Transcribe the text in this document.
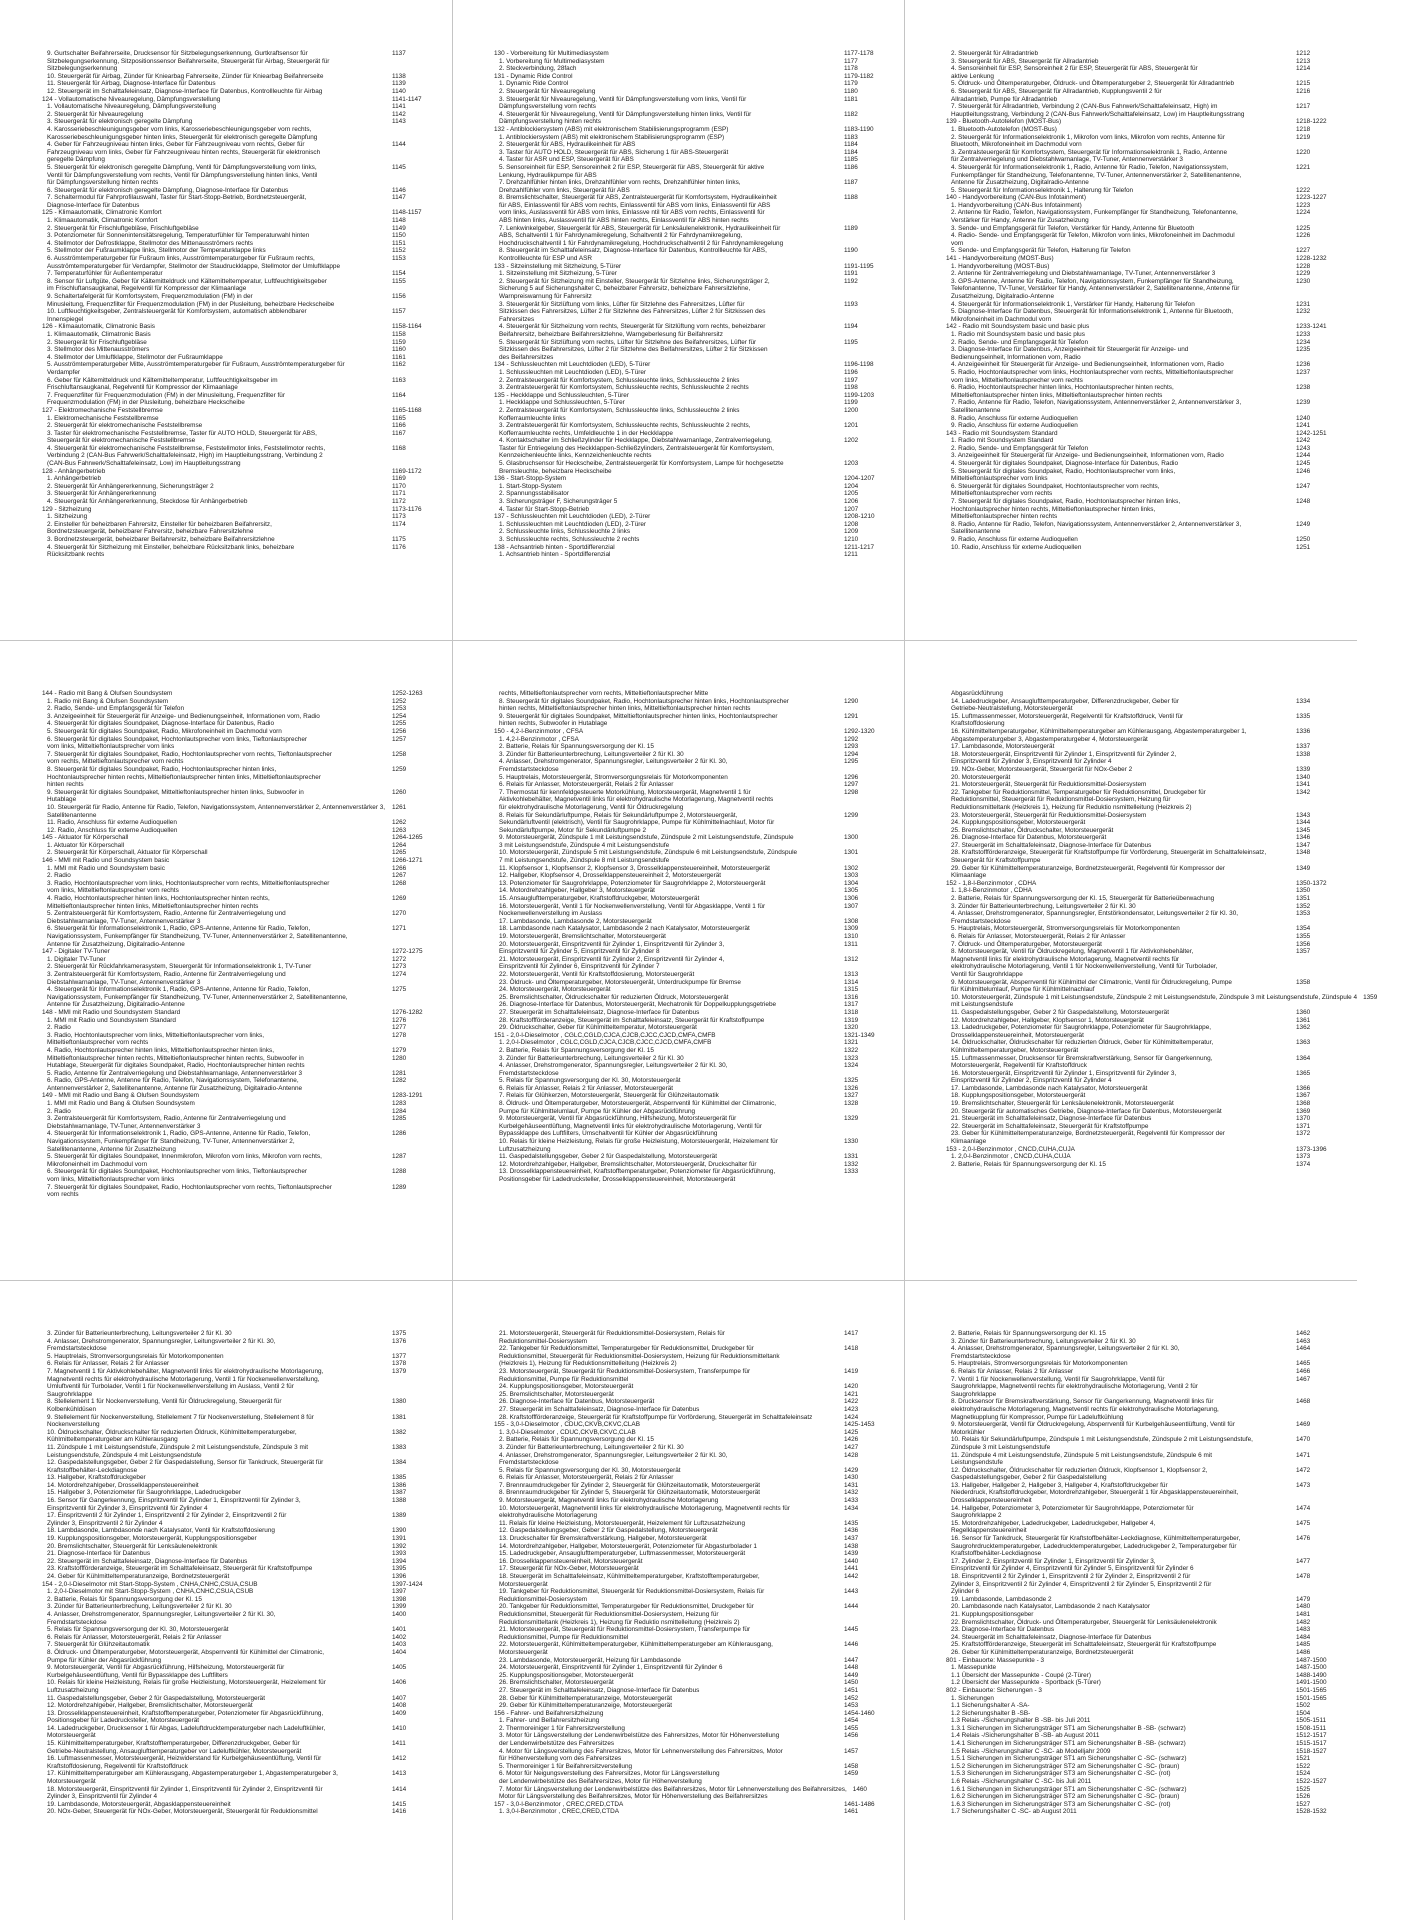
9. Gurtschalter Beifahrerseite, Drucksensor für Sitzbelegungserkennung, Gurtkraftsensor für	1137
Sitzbelegungserkennung, Sitzpositionssensor Beifahrerseite, Steuergerät für Airbag, Steuergerät für
Sitzbelegungserkennung
10. Steuergerät für Airbag, Zünder für Kniearbag Fahrerseite, Zünder für Kniearbag Beifahrerseite	1138
11. Steuergerät für Airbag, Diagnose-Interface für Datenbus	1139
12. Steuergerät im Schalttafeleinsatz, Diagnose-Interface für Datenbus, Kontrollleuchte für Airbag	1140
124 - Vollautomatische Niveauregelung, Dämpfungsverstellung	1141-1147
1. Vollautomatische Niveauregelung, Dämpfungsverstellung	1141
2. Steuergerät für Niveauregelung	1142
3. Steuergerät für elektronisch geregelte Dämpfung	1143
4. Karosseriebeschleunigungsgeber vorn links, Karosseriebeschleunigungsgeber vorn rechts,
Karosseriebeschleunigungsgeber hinten links, Steuergerät für elektronisch geregelte Dämpfung
4. Geber für Fahrzeugniveau hinten links, Geber für Fahrzeugniveau vorn rechts, Geber für	1144
Fahrzeugniveau vorn links, Geber für Fahrzeugniveau hinten rechts, Steuergerät für elektronisch
geregelte Dämpfung
5. Steuergerät für elektronisch geregelte Dämpfung, Ventil für Dämpfungsverstellung vorn links,	1145
Ventil für Dämpfungsverstellung vorn rechts, Ventil für Dämpfungsverstellung hinten links, Ventil
für Dämpfungsverstellung hinten rechts
6. Steuergerät für elektronisch geregelte Dämpfung, Diagnose-Interface für Datenbus	1146
7. Schaltermodul für Fahrprofilauswahl, Taster für Start-Stopp-Betrieb, Bordnetzsteuergerät,	1147
Diagnose-Interface für Datenbus
125 - Klimaautomatik, Climatronic Komfort	1148-1157
1. Klimaautomatik, Climatronic Komfort	1148
2. Steuergerät für Frischluftgebläse, Frischluftgebläse	1149
3. Potenziometer für Sonnenintensitätsregelung, Temperaturfühler für Temperaturwahl hinten	1150
4. Stellmotor der Defrostklappe, Stellmotor des Mittenausströmers rechts	1151
5. Stellmotor der Fußraumklappe links, Stellmotor der Temperaturklappe links	1152
6. Ausströmtemperaturgeber für Fußraum links, Ausströmtemperaturgeber für Fußraum rechts,	1153
Ausströmtemperaturgeber für Verdampfer, Stellmotor der Staudruckklappe, Stellmotor der Umluftklappe
7. Temperaturfühler für Außentemperatur	1154
8. Sensor für Luftgüte, Geber für Kältemitteldruck und Kältemitteltemperatur, Luftfeuchtigkeitsgeber	1155
im Frischluftansaugkanal, Regelventil für Kompressor der Klimaanlage
9. Schaltertafelgerät für Komfortsystem, Frequenzmodulation (FM) in der	1156
Minusleitung, Frequenzfilter für Frequenzmodulation (FM) in der Plusleitung, beheizbare Heckscheibe
10. Luftfeuchtigkeitsgeber, Zentralsteuergerät für Komfortsystem, automatisch abblendbarer	1157
Innenspiegel
126 - Klimaautomatik, Climatronic Basis	1158-1164
1. Klimaautomatik, Climatronic Basis	1158
2. Steuergerät für Frischluftgebläse	1159
3. Stellmotor des Mittenausströmers	1160
4. Stellmotor der Umluftklappe, Stellmotor der Fußraumklappe	1161
5. Ausströmtemperaturgeber Mitte, Ausströmtemperaturgeber für Fußraum, Ausströmtemperaturgeber für	1162
Verdampfer
6. Geber für Kältemitteldruck und Kältemitteltemperatur, Luftfeuchtigkeitsgeber im	1163
Frischluftansaugkanal, Regelventil für Kompressor der Klimaanlage
7. Frequenzfilter für Frequenzmodulation (FM) in der Minusleitung, Frequenzfilter für	1164
Frequenzmodulation (FM) in der Plusleitung, beheizbare Heckscheibe
127 - Elektromechanische Feststellbremse	1165-1168
1. Elektromechanische Feststellbremse	1165
2. Steuergerät für elektromechanische Feststellbremse	1166
3. Taster für elektromechanische Feststellbremse, Taster für AUTO HOLD, Steuergerät für ABS,	1167
Steuergerät für elektromechanische Feststellbremse
4. Steuergerät für elektromechanische Feststellbremse, Feststellmotor links, Feststellmotor rechts,	1168
Verbindung 2 (CAN-Bus Fahrwerk/Schalttafeleinsatz, High) im Hauptleitungsstrang, Verbindung 2
(CAN-Bus Fahrwerk/Schalttafeleinsatz, Low) im Hauptleitungsstrang
128 - Anhängerbetrieb	1169-1172
1. Anhängerbetrieb	1169
2. Steuergerät für Anhängererkennung, Sicherungsträger 2	1170
3. Steuergerät für Anhängererkennung	1171
4. Steuergerät für Anhängererkennung, Steckdose für Anhängerbetrieb	1172
129 - Sitzheizung	1173-1176
1. Sitzheizung	1173
2. Einsteller für beheizbaren Fahrersitz, Einsteller für beheizbaren Beifahrersitz,	1174
Bordnetzsteuergerät, beheizbarer Fahrersitz, beheizbare Fahrersitzlehne
3. Bordnetzsteuergerät, beheizbarer Beifahrersitz, beheizbare Beifahrersitzlehne	1175
4. Steuergerät für Sitzheizung mit Einsteller, beheizbare Rücksitzbank links, beheizbare	1176
Rücksitzbank rechts
130 - Vorbereitung für Multimediasystem	1177-1178
1. Vorbereitung für Multimediasystem	1177
2. Steckverbindung, 28fach	1178
131 - Dynamic Ride Control	1179-1182
1. Dynamic Ride Control	1179
2. Steuergerät für Niveauregelung	1180
3. Steuergerät für Niveauregelung, Ventil für Dämpfungsverstellung vorn links, Ventil für	1181
Dämpfungsverstellung vorn rechts
4. Steuergerät für Niveauregelung, Ventil für Dämpfungsverstellung hinten links, Ventil für	1182
Dämpfungsverstellung hinten rechts
132 - Antiblockiersystem (ABS) mit elektronischem Stabilisierungsprogramm (ESP)	1183-1190
1. Antiblockiersystem (ABS) mit elektronischem Stabilisierungsprogramm (ESP)	1183
2. Steuergerät für ABS, Hydraulikeinheit für ABS	1184
3. Taster für AUTO HOLD, Steuergerät für ABS, Sicherung 1 für ABS-Steuergerät	1184
4. Taster für ASR und ESP, Steuergerät für ABS	1185
5. Sensoreinheit für ESP, Sensoreinheit 2 für ESP, Steuergerät für ABS, Steuergerät für aktive	1186
Lenkung, Hydraulikpumpe für ABS
7. Drehzahlfühler hinten links, Drehzahlfühler vorn rechts, Drehzahlfühler hinten links,	1187
Drehzahlfühler vorn links, Steuergerät für ABS
8. Bremslichtschalter, Steuergerät für ABS, Zentralsteuergerät für Komfortsystem, Hydraulikeinheit	1188
für ABS, Einlassventil für ABS vorn rechts, Einlassventil für ABS vorn links, Einlassventil für ABS
vorn links, Auslassventil für ABS vorn links, Einlassve ntil für ABS vorn rechts, Einlassventil für
ABS hinten links, Auslassventil für ABS hinten rechts, Einlassventil für ABS hinten rechts
7. Lenkwinkelgeber, Steuergerät für ABS, Steuergerät für Lenksäulenelektronik, Hydraulikeinheit für	1189
ABS, Schaltventil 1 für Fahrdynamikregelung, Schaltventil 2 für Fahrdynamikregelung,
Hochdruckschaltventil 1 für Fahrdynamikregelung, Hochdruckschaltventil 2 für Fahrdynamikregelung
8. Steuergerät im Schalttafeleinsatz, Diagnose-Interface für Datenbus, Kontrollleuchte für ABS,	1190
Kontrollleuchte für ESP und ASR
133 - Sitzeinstellung mit Sitzheizung, 5-Türer	1191-1195
1. Sitzeinstellung mit Sitzheizung, 5-Türer	1191
2. Steuergerät für Sitzheizung mit Einsteller, Steuergerät für Sitzlehne links, Sicherungsträger 2,	1192
Sicherung 5 auf Sicherungshalter C, beheizbarer Fahrersitz, beheizbare Fahrersitzlehne,
Warnpreiswarnung für Fahrersitz
3. Steuergerät für Sitzlüftung vorn links, Lüfter für Sitzlehne des Fahrersitzes, Lüfter für	1193
Sitzkissen des Fahrersitzes, Lüfter 2 für Sitzlehne des Fahrersitzes, Lüfter 2 für Sitzkissen des
Fahrersitzes
4. Steuergerät für Sitzheizung vorn rechts, Steuergerät für Sitzlüftung vorn rechts, beheizbarer	1194
Beifahrersitz, beheizbare Beifahrersitzlehne, Warngeberlesung für Beifahrersitz
5. Steuergerät für Sitzlüftung vorn rechts, Lüfter für Sitzlehne des Beifahrersitzes, Lüfter für	1195
Sitzkissen des Beifahrersitzes, Lüfter 2 für Sitzlehne des Beifahrersitzes, Lüfter 2 für Sitzkissen
des Beifahrersitzes
134 - Schlussleuchten mit Leuchtdioden (LED), 5-Türer	1196-1198
1. Schlussleuchten mit Leuchtdioden (LED), 5-Türer	1196
2. Zentralsteuergerät für Komfortsystem, Schlussleuchte links, Schlussleuchte 2 links	1197
3. Zentralsteuergerät für Komfortsystem, Schlussleuchte rechts, Schlussleuchte 2 rechts	1198
135 - Heckklappe und Schlussleuchten, 5-Türer	1199-1203
1. Heckklappe und Schlussleuchten, 5-Türer	1199
2. Zentralsteuergerät für Komfortsystem, Schlussleuchte links, Schlussleuchte 2 links	1200
Kofferraumleuchte links
3. Zentralsteuergerät für Komfortsystem, Schlussleuchte rechts, Schlussleuchte 2 rechts,	1201
Kofferraumleuchte rechts, Umfeldleuchte 1 in der Heckklappe
4. Kontaktschalter im Schließzylinder für Heckklappe, Diebstahlwarnanlage, Zentralverriegelung,	1202
Taster für Entriegelung des Heckklappen-Schließzylinders, Zentralsteuergerät für Komfortsystem,
Kennzeichenleuchte links, Kennzeichenleuchte rechts
5. Glasbruchsensor für Heckscheibe, Zentralsteuergerät für Komfortsystem, Lampe für hochgesetzte	1203
Bremsleuchte, beheizbare Heckscheibe
136 - Start-Stopp-System	1204-1207
1. Start-Stopp-System	1204
2. Spannungsstabilisator	1205
3. Sicherungsträger F, Sicherungsträger 5	1206
4. Taster für Start-Stopp-Betrieb	1207
137 - Schlussleuchten mit Leuchtdioden (LED), 2-Türer	1208-1210
1. Schlussleuchten mit Leuchtdioden (LED), 2-Türer	1208
2. Schlussleuchte links, Schlussleuchte 2 links	1209
3. Schlussleuchte rechts, Schlussleuchte 2 rechts	1210
138 - Achsantrieb hinten - Sportdifferenzial	1211-1217
1. Achsantrieb hinten - Sportdifferenzial	1211
2. Steuergerät für Allradantrieb	1212
3. Steuergerät für ABS, Steuergerät für Allradantrieb	1213
4. Sensoreinheit für ESP, Sensoreinheit 2 für ESP, Steuergerät für ABS, Steuergerät für	1214
aktive Lenkung
5. Öldruck- und Öltemperaturgeber, Öldruck- und Öltemperaturgeber 2, Steuergerät für Allradantrieb	1215
6. Steuergerät für ABS, Steuergerät für Allradantrieb, Kupplungsventil 2 für	1216
Allradantrieb, Pumpe für Allradantrieb
7. Steuergerät für Allradantrieb, Verbindung 2 (CAN-Bus Fahrwerk/Schalttafeleinsatz, High) im	1217
Hauptleitungsstrang, Verbindung 2 (CAN-Bus Fahrwerk/Schalttafeleinsatz, Low) im Hauptleitungsstrang
139 - Bluetooth-Autotelefon (MOST-Bus)	1218-1222
1. Bluetooth-Autotelefon (MOST-Bus)	1218
2. Steuergerät für Informationselektronik 1, Mikrofon vorn links, Mikrofon vorn rechts, Antenne für	1219
Bluetooth, Mikrofoneinheit im Dachmodul vorn
3. Zentralsteuergerät für Komfortsystem, Steuergerät für Informationselektronik 1, Radio, Antenne	1220
für Zentralverriegelung und Diebstahlwarnanlage, TV-Tuner, Antennenverstärker 3
4. Steuergerät für Informationselektronik 1, Radio, Antenne für Radio, Telefon, Navigationssystem,	1221
Funkempfänger für Standheizung, Telefonantenne, TV-Tuner, Antennenverstärker 2, Satellitenantenne,
Antenne für Zusatzheizung, Digitalradio-Antenne
5. Steuergerät für Informationselektronik 1, Halterung für Telefon	1222
140 - Handyvorbereitung (CAN-Bus Infotainment)	1223-1227
1. Handyvorbereitung (CAN-Bus Infotainment)	1223
2. Antenne für Radio, Telefon, Navigationssystem, Funkempfänger für Standheizung, Telefonantenne,	1224
Verstärker für Handy, Antenne für Zusatzheizung
3. Sende- und Empfangsgerät für Telefon, Verstärker für Handy, Antenne für Bluetooth	1225
4. Radio- Sende- und Empfangsgerät für Telefon, Mikrofon vorn links, Mikrofoneinheit im Dachmodul	1226
vorn
5. Sende- und Empfangsgerät für Telefon, Halterung für Telefon	1227
141 - Handyvorbereitung (MOST-Bus)	1228-1232
1. Handyvorbereitung (MOST-Bus)	1228
2. Antenne für Zentralverriegelung und Diebstahlwarnanlage, TV-Tuner, Antennenverstärker 3	1229
3. GPS-Antenne, Antenne für Radio, Telefon, Navigationssystem, Funkempfänger für Standheizung,	1230
Telefonantenne, TV-Tuner, Verstärker für Handy, Antennenverstärker 2, Satellitenantenne, Antenne für
Zusatzheizung, Digitalradio-Antenne
4. Steuergerät für Informationselektronik 1, Verstärker für Handy, Halterung für Telefon	1231
5. Diagnose-Interface für Datenbus, Steuergerät für Informationselektronik 1, Antenne für Bluetooth,	1232
Mikrofoneinheit im Dachmodul vorn
142 - Radio mit Soundsystem basic und basic plus	1233-1241
1. Radio mit Soundsystem basic und basic plus	1233
2. Radio, Sende- und Empfangsgerät für Telefon	1234
3. Diagnose-Interface für Datenbus, Anzeigeeinheit für Steuergerät für Anzeige- und	1235
Bedienungseinheit, Informationen vorn, Radio
4. Anzeigeeinheit für Steuergerät für Anzeige- und Bedienungseinheit, Informationen vorn, Radio	1236
5. Radio, Hochtonlautsprecher vorn links, Hochtonlautsprecher vorn rechts, Mitteltieftonlautsprecher	1237
vorn links, Mitteltieftonlautsprecher vorn rechts
6. Radio, Hochtonlautsprecher hinten links, Hochtonlautsprecher hinten rechts,	1238
Mitteltieftonlautsprecher hinten links, Mitteltieftonlautsprecher hinten rechts
7. Radio, Antenne für Radio, Telefon, Navigationssystem, Antennenverstärker 2, Antennenverstärker 3,	1239
Satellitenantenne
8. Radio, Anschluss für externe Audioquellen	1240
9. Radio, Anschluss für externe Audioquellen	1241
143 - Radio mit Soundsystem Standard	1242-1251
1. Radio mit Soundsystem Standard	1242
2. Radio, Sende- und Empfangsgerät für Telefon	1243
3. Anzeigeeinheit für Steuergerät für Anzeige- und Bedienungseinheit, Informationen vorn, Radio	1244
4. Steuergerät für digitales Soundpaket, Diagnose-Interface für Datenbus, Radio	1245
5. Steuergerät für digitales Soundpaket, Radio, Hochtonlautsprecher vorn links,	1246
Mitteltieftonlautsprecher vorn links
6. Steuergerät für digitales Soundpaket, Hochtonlautsprecher vorn rechts,	1247
Mitteltieftonlautsprecher vorn rechts
7. Steuergerät für digitales Soundpaket, Radio, Hochtonlautsprecher hinten links,	1248
Hochtonlautsprecher hinten rechts, Mitteltieftonlautsprecher hinten links,
Mitteltieftonlautsprecher hinten rechts
8. Radio, Antenne für Radio, Telefon, Navigationssystem, Antennenverstärker 2, Antennenverstärker 3,	1249
Satellitenantenne
9. Radio, Anschluss für externe Audioquellen	1250
10. Radio, Anschluss für externe Audioquellen	1251
144 - Radio mit Bang & Olufsen Soundsystem	1252-1263
1. Radio mit Bang & Olufsen Soundsystem	1252
2. Radio, Sende- und Empfangsgerät für Telefon	1253
3. Anzeigeeinheit für Steuergerät für Anzeige- und Bedienungseinheit, Informationen vorn, Radio	1254
4. Steuergerät für digitales Soundpaket, Diagnose-Interface für Datenbus, Radio	1255
5. Steuergerät für digitales Soundpaket, Radio, Mikrofoneinheit im Dachmodul vorn	1256
6. Steuergerät für digitales Soundpaket, Hochtonlautsprecher vorn links, Tieftonlautsprecher	1257
vorn links, Mitteltieftonlautsprecher vorn links
7. Steuergerät für digitales Soundpaket, Radio, Hochtonlautsprecher vorn rechts, Tieftonlautsprecher	1258
vorn rechts, Mitteltieftonlautsprecher vorn rechts
8. Steuergerät für digitales Soundpaket, Radio, Hochtonlautsprecher hinten links,	1259
Hochtonlautsprecher hinten rechts, Mitteltieftonlautsprecher hinten links, Mitteltieftonlautsprecher
hinten rechts
9. Steuergerät für digitales Soundpaket, Mitteltieftonlautsprecher hinten links, Subwoofer in	1260
Hutablage
10. Steuergerät für Radio, Antenne für Radio, Telefon, Navigationssystem, Antennenverstärker 2, Antennenverstärker 3,	1261
Satellitenantenne
11. Radio, Anschluss für externe Audioquellen	1262
12. Radio, Anschluss für externe Audioquellen	1263
145 - Aktuator für Körperschall	1264-1265
1. Aktuator für Körperschall	1264
2. Steuergerät für Körperschall, Aktuator für Körperschall	1265
146 - MMI mit Radio und Soundsystem basic	1266-1271
1. MMI mit Radio und Soundsystem basic	1266
2. Radio	1267
3. Radio, Hochtonlautsprecher vorn links, Hochtonlautsprecher vorn rechts, Mitteltieftonlautsprecher	1268
vorn links, Mitteltieftonlautsprecher vorn rechts
4. Radio, Hochtonlautsprecher hinten links, Hochtonlautsprecher hinten rechts,	1269
Mitteltieftonlautsprecher hinten links, Mitteltieftonlautsprecher hinten rechts
5. Zentralsteuergerät für Komfortsystem, Radio, Antenne für Zentralverriegelung und	1270
Diebstahlwarnanlage, TV-Tuner, Antennenverstärker 3
6. Steuergerät für Informationselektronik 1, Radio, GPS-Antenne, Antenne für Radio, Telefon,	1271
Navigationssystem, Funkempfänger für Standheizung, TV-Tuner, Antennenverstärker 2, Satellitenantenne,
Antenne für Zusatzheizung, Digitalradio-Antenne
147 - Digitaler TV-Tuner	1272-1275
1. Digitaler TV-Tuner	1272
2. Steuergerät für Rückfahrkamerasystem, Steuergerät für Informationselektronik 1, TV-Tuner	1273
3. Zentralsteuergerät für Komfortsystem, Radio, Antenne für Zentralverriegelung und	1274
Diebstahlwarnanlage, TV-Tuner, Antennenverstärker 3
4. Steuergerät für Informationselektronik 1, Radio, GPS-Antenne, Antenne für Radio, Telefon,	1275
Navigationssystem, Funkempfänger für Standheizung, TV-Tuner, Antennenverstärker 2, Satellitenantenne,
Antenne für Zusatzheizung, Digitalradio-Antenne
148 - MMI mit Radio und Soundsystem Standard	1276-1282
1. MMI mit Radio und Soundsystem Standard	1276
2. Radio	1277
3. Radio, Hochtonlautsprecher vorn links, Mitteltieftonlautsprecher vorn links,	1278
Mitteltieftonlautsprecher vorn rechts
4. Radio, Hochtonlautsprecher hinten links, Mitteltieftonlautsprecher hinten links,	1279
Mitteltieftonlautsprecher hinten rechts, Mitteltieftonlautsprecher hinten rechts, Subwoofer in	1280
Hutablage, Steuergerät für digitales Soundpaket, Radio, Hochtonlautsprecher hinten rechts
5. Radio, Antenne für Zentralverriegelung und Diebstahlwarnanlage, Antennenverstärker 3	1281
6. Radio, GPS-Antenne, Antenne für Radio, Telefon, Navigationssystem, Telefonantenne,	1282
Antennenverstärker 2, Satellitenantenne, Antenne für Zusatzheizung, Digitalradio-Antenne
149 - MMI mit Radio und Bang & Olufsen Soundsystem	1283-1291
1. MMI mit Radio und Bang & Olufsen Soundsystem	1283
2. Radio	1284
3. Zentralsteuergerät für Komfortsystem, Radio, Antenne für Zentralverriegelung und	1285
Diebstahlwarnanlage, TV-Tuner, Antennenverstärker 3
4. Steuergerät für Informationselektronik 1, Radio, GPS-Antenne, Antenne für Radio, Telefon,	1286
Navigationssystem, Funkempfänger für Standheizung, TV-Tuner, Antennenverstärker 2,
Satellitenantenne, Antenne für Zusatzheizung
5. Steuergerät für digitales Soundpaket, Innenmikrofon, Mikrofon vorn links, Mikrofon vorn rechts,	1287
Mikrofoneinheit im Dachmodul vorn
6. Steuergerät für digitales Soundpaket, Hochtonlautsprecher vorn links, Tieftonlautsprecher	1288
vorn links, Mitteltieftonlautsprecher vorn links
7. Steuergerät für digitales Soundpaket, Radio, Hochtonlautsprecher vorn rechts, Tieftonlautsprecher	1289
vorn rechts
rechts, Mitteltieftonlautsprecher vorn rechts, Mitteltieftonlautsprecher Mitte
8. Steuergerät für digitales Soundpaket, Radio, Hochtonlautsprecher hinten links, Hochtonlautsprecher	1290
hinten rechts, Mitteltieftonlautsprecher hinten links, Mitteltieftonlautsprecher hinten rechts
9. Steuergerät für digitales Soundpaket, Mitteltieftonlautsprecher hinten links, Hochtonlautsprecher	1291
hinten rechts, Subwoofer in Hutablage
150 - 4,2-l-Benzinmotor , CFSA	1292-1320
1. 4,2-l-Benzinmotor , CFSA	1292
2. Batterie, Relais für Spannungsversorgung der Kl. 15	1293
3. Zünder für Batterieunterbrechung, Leitungsverteiler 2 für Kl. 30	1294
4. Anlasser, Drehstromgenerator, Spannungsregler, Leitungsverteiler 2 für Kl. 30,	1295
Fremdstartsteckdose
5. Hauptrelais, Motorsteuergerät, Stromversorgungsrelais für Motorkomponenten	1296
6. Relais für Anlasser, Motorsteuergerät, Relais 2 für Anlasser	1297
7. Thermostat für kennfeldgesteuerte Motorkühlung, Motorsteuergerät, Magnetventil 1 für	1298
Aktivkohlebehälter, Magnetventil links für elektrohydraulische Motorlagerung, Magnetventil rechts
für elektrohydraulische Motorlagerung, Ventil für Öldruckregelung
8. Relais für Sekundärluftpumpe, Relais für Sekundärluftpumpe 2, Motorsteuergerät,	1299
Sekundärluftventil (elektrisch), Ventil für Saugrohrklappe, Pumpe für Kühlmittelnachlauf, Motor für
Sekundärluftpumpe, Motor für Sekundärluftpumpe 2
9. Motorsteuergerät, Zündspule 1 mit Leistungsendstufe, Zündspule 2 mit Leistungsendstufe, Zündspule	1300
3 mit Leistungsendstufe, Zündspule 4 mit Leistungsendstufe
10. Motorsteuergerät, Zündspule 5 mit Leistungsendstufe, Zündspule 6 mit Leistungsendstufe, Zündspule	1301
7 mit Leistungsendstufe, Zündspule 8 mit Leistungsendstufe
11. Klopfsensor 1, Klopfsensor 2, Klopfsensor 3, Drosselklappensteuereinheit, Motorsteuergerät	1302
12. Hallgeber, Klopfsensor 4, Drosselklappensteuereinheit 2, Motorsteuergerät	1303
13. Potenziometer für Saugrohrklappe, Potenziometer für Saugrohrklappe 2, Motorsteuergerät	1304
14. Motordrehzahlgeber, Hallgeber 3, Motorsteuergerät	1305
15. Ansauglufttemperaturgeber, Kraftstoffdruckgeber, Motorsteuergerät	1306
16. Motorsteuergerät, Ventil 1 für Nockenwellenverstellung, Ventil für Abgasklappe, Ventil 1 für	1307
Nockenwellenverstellung im Auslass
17. Lambdasonde, Lambdasonde 2, Motorsteuergerät	1308
18. Lambdasonde nach Katalysator, Lambdasonde 2 nach Katalysator, Motorsteuergerät	1309
19. Motorsteuergerät, Bremslichtschalter, Motorsteuergerät	1310
20. Motorsteuergerät, Einspritzventil für Zylinder 1, Einspritzventil für Zylinder 3,	1311
Einspritzventil für Zylinder 5, Einspritzventil für Zylinder 8
21. Motorsteuergerät, Einspritzventil für Zylinder 2, Einspritzventil für Zylinder 4,	1312
Einspritzventil für Zylinder 6, Einspritzventil für Zylinder 7
22. Motorsteuergerät, Ventil für Kraftstoffdosierung, Motorsteuergerät	1313
23. Öldruck- und Öltemperaturgeber, Motorsteuergerät, Unterdruckpumpe für Bremse	1314
24. Motorsteuergerät, Motorsteuergerät	1315
25. Bremslichtschalter, Öldruckschalter für reduzierten Öldruck, Motorsteuergerät	1316
26. Diagnose-Interface für Datenbus, Motorsteuergerät, Mechatronik für Doppelkupplungsgetriebe	1317
27. Steuergerät im Schalttafeleinsatz, Diagnose-Interface für Datenbus	1318
28. Kraftstoffförderanzeige, Steuergerät im Schalttafeleinsatz, Steuergerät für Kraftstoffpumpe	1319
29. Öldruckschalter, Geber für Kühlmitteltemperatur, Motorsteuergerät	1320
151 - 2,0-l-Dieselmotor , CGLC,CGLD,CJCA,CJCB,CJCC,CJCD,CMFA,CMFB	1321-1349
1. 2,0-l-Dieselmotor , CGLC,CGLD,CJCA,CJCB,CJCC,CJCD,CMFA,CMFB	1321
2. Batterie, Relais für Spannungsversorgung der Kl. 15	1322
3. Zünder für Batterieunterbrechung, Leitungsverteiler 2 für Kl. 30	1323
4. Anlasser, Drehstromgenerator, Spannungsregler, Leitungsverteiler 2 für Kl. 30,	1324
Fremdstartsteckdose
5. Relais für Spannungsversorgung der Kl. 30, Motorsteuergerät	1325
6. Relais für Anlasser, Relais 2 für Anlasser, Motorsteuergerät	1326
7. Relais für Glühkerzen, Motorsteuergerät, Steuergerät für Glühzeitautomatik	1327
8. Öldruck- und Öltemperaturgeber, Motorsteuergerät, Absperrventil für Kühlmittel der Climatronic,	1328
Pumpe für Kühlmittelumlauf, Pumpe für Kühler der Abgasrückführung
9. Motorsteuergerät, Ventil für Abgasrückführung, Hilfsheizung, Motorsteuergerät für	1329
Kurbelgehäuseentlüftung, Magnetventil links für elektrohydraulische Motorlagerung, Ventil für
Bypassklappe des Luftfilters, Umschaltventil für Kühler der Abgasrückführung
10. Relais für kleine Heizleistung, Relais für große Heizleistung, Motorsteuergerät, Heizelement für	1330
Luftzusatzheizung
11. Gaspedalstellungsgeber, Geber 2 für Gaspedalstellung, Motorsteuergerät	1331
12. Motordrehzahlgeber, Hallgeber, Bremslichtschalter, Motorsteuergerät, Druckschalter für	1332
13. Drosselklappensteuereinheit, Kraftstofftemperaturgeber, Potenziometer für Abgasrückführung,	1333
Positionsgeber für Ladedrucksteller, Drosselklappensteuereinheit, Motorsteuergerät
Abgasrückführung
14. Ladedruckgeber, Ansauglufttemperaturgeber, Differenzdruckgeber, Geber für	1334
Getriebe-Neutralstellung, Motorsteuergerät
15. Luftmassenmesser, Motorsteuergerät, Regelventil für Kraftstoffdruck, Ventil für	1335
Kraftstoffdosierung
16. Kühlmitteltemperaturgeber, Kühlmitteltemperaturgeber am Kühlerausgang, Abgastemperaturgeber 1,	1336
Abgastemperaturgeber 3, Abgastemperaturgeber 4, Motorsteuergerät
17. Lambdasonde, Motorsteuergerät	1337
18. Motorsteuergerät, Einspritzventil für Zylinder 1, Einspritzventil für Zylinder 2,	1338
Einspritzventil für Zylinder 3, Einspritzventil für Zylinder 4
19. NOx-Geber, Motorsteuergerät, Steuergerät für NOx-Geber 2	1339
20. Motorsteuergerät	1340
21. Motorsteuergerät, Steuergerät für Reduktionsmittel-Dosiersystem	1341
22. Tankgeber für Reduktionsmittel, Temperaturgeber für Reduktionsmittel, Druckgeber für	1342
Reduktionsmittel, Steuergerät für Reduktionsmittel-Dosiersystem, Heizung für
Reduktionsmitteltank (Heizkreis 1), Heizung für Reduktio nsmittelleitung (Heizkreis 2)
23. Motorsteuergerät, Steuergerät für Reduktionsmittel-Dosiersystem	1343
24. Kupplungspositionsgeber, Motorsteuergerät	1344
25. Bremslichtschalter, Öldruckschalter, Motorsteuergerät	1345
26. Diagnose-Interface für Datenbus, Motorsteuergerät	1346
27. Steuergerät im Schalttafeleinsatz, Diagnose-Interface für Datenbus	1347
28. Kraftstoffförderanzeige, Steuergerät für Kraftstoffpumpe für Vorförderung, Steuergerät im Schalttafeleinsatz,	1348
Steuergerät für Kraftstoffpumpe
29. Geber für Kühlmitteltemperaturanzeige, Bordnetzsteuergerät, Regelventil für Kompressor der	1349
Klimaanlage
152 - 1,8-l-Benzinmotor , CDHA	1350-1372
1. 1,8-l-Benzinmotor , CDHA	1350
2. Batterie, Relais für Spannungsversorgung der Kl. 15, Steuergerät für Batterieüberwachung	1351
3. Zünder für Batterieunterbrechung, Leitungsverteiler 2 für Kl. 30	1352
4. Anlasser, Drehstromgenerator, Spannungsregler, Entstörkondensator, Leitungsverteiler 2 für Kl. 30,	1353
Fremdstartsteckdose
5. Hauptrelais, Motorsteuergerät, Stromversorgungsrelais für Motorkomponenten	1354
6. Relais für Anlasser, Motorsteuergerät, Relais 2 für Anlasser	1355
7. Öldruck- und Öltemperaturgeber, Motorsteuergerät	1356
8. Motorsteuergerät, Ventil für Öldruckregelung, Magnetventil 1 für Aktivkohlebehälter,	1357
Magnetventil links für elektrohydraulische Motorlagerung, Magnetventil rechts für
elektrohydraulische Motorlagerung, Ventil 1 für Nockenwellenverstellung, Ventil für Turbolader,
Ventil für Saugrohrklappe
9. Motorsteuergerät, Absperrventil für Kühlmittel der Climatronic, Ventil für Öldruckregelung, Pumpe	1358
für Kühlmittelumlauf, Pumpe für Kühlmittelnachlauf
10. Motorsteuergerät, Zündspule 1 mit Leistungsendstufe, Zündspule 2 mit Leistungsendstufe, Zündspule 3 mit Leistungsendstufe, Zündspule 4 1359
mit Leistungsendstufe
11. Gaspedalstellungsgeber, Geber 2 für Gaspedalstellung, Motorsteuergerät	1360
12. Motordrehzahlgeber, Hallgeber, Klopfsensor 1, Motorsteuergerät	1361
13. Ladedruckgeber, Potenziometer für Saugrohrklappe, Potenziometer für Saugrohrklappe,	1362
Drosselklappensteuereinheit, Motorsteuergerät
14. Öldruckschalter, Öldruckschalter für reduzierten Öldruck, Geber für Kühlmitteltemperatur,	1363
Kühlmitteltemperaturgeber, Motorsteuergerät
15. Luftmassenmesser, Drucksensor für Bremskraftverstärkung, Sensor für Gangerkennung,	1364
Motorsteuergerät, Regelventil für Kraftstoffdruck
16. Motorsteuergerät, Einspritzventil für Zylinder 1, Einspritzventil für Zylinder 3,	1365
Einspritzventil für Zylinder 2, Einspritzventil für Zylinder 4
17. Lambdasonde, Lambdasonde nach Katalysator, Motorsteuergerät	1366
18. Kupplungspositionsgeber, Motorsteuergerät	1367
19. Bremslichtschalter, Steuergerät für Lenksäulenelektronik, Motorsteuergerät	1368
20. Steuergerät für automatisches Getriebe, Diagnose-Interface für Datenbus, Motorsteuergerät	1369
21. Steuergerät im Schalttafeleinsatz, Diagnose-Interface für Datenbus	1370
22. Steuergerät im Schalttafeleinsatz, Steuergerät für Kraftstoffpumpe	1371
23. Geber für Kühlmitteltemperaturanzeige, Bordnetzsteuergerät, Regelventil für Kompressor der	1372
Klimaanlage
153 - 2,0-l-Benzinmotor , CNCD,CUHA,CUJA	1373-1396
1. 2,0-l-Benzinmotor , CNCD,CUHA,CUJA	1373
2. Batterie, Relais für Spannungsversorgung der Kl. 15	1374
3. Zünder für Batterieunterbrechung, Leitungsverteiler 2 für Kl. 30	1375
4. Anlasser, Drehstromgenerator, Spannungsregler, Leitungsverteiler 2 für Kl. 30,	1376
Fremdstartsteckdose
5. Hauptrelais, Stromversorgungsrelais für Motorkomponenten	1377
6. Relais für Anlasser, Relais 2 für Anlasser	1378
7. Magnetventil 1 für Aktivkohlebehälter, Magnetventil links für elektrohydraulische Motorlagerung,	1379
Magnetventil rechts für elektrohydraulische Motorlagerung, Ventil 1 für Nockenwellenverstellung,
Umluftventil für Turbolader, Ventil 1 für Nockenwellenverstellung im Auslass, Ventil 2 für
Saugrohrklappe
8. Stellelement 1 für Nockenverstellung, Ventil für Öldruckregelung, Steuergerät für	1380
Kolbenkühldüsen
9. Stellelement für Nockenverstellung, Stellelement 7 für Nockenverstellung, Stellelement 8 für	1381
Nockenverstellung
10. Öldruckschalter, Öldruckschalter für reduzierten Öldruck, Kühlmitteltemperaturgeber,	1382
Kühlmitteltemperaturgeber am Kühlerausgang
11. Zündspule 1 mit Leistungsendstufe, Zündspule 2 mit Leistungsendstufe, Zündspule 3 mit	1383
Leistungsendstufe, Zündspule 4 mit Leistungsendstufe
12. Gaspedalstellungsgeber, Geber 2 für Gaspedalstellung, Sensor für Tankdruck, Steuergerät für	1384
Kraftstoffbehälter-Leckdiagnose
13. Hallgeber, Kraftstoffdruckgeber	1385
14. Motordrehzahlgeber, Drosselklappensteuereinheit	1386
15. Hallgeber 3, Potenziometer für Saugrohrklappe, Ladedruckgeber	1387
16. Sensor für Gangerkennung, Einspritzventil für Zylinder 1, Einspritzventil für Zylinder 3,	1388
Einspritzventil für Zylinder 3, Einspritzventil für Zylinder 4
17. Einspritzventil 2 für Zylinder 1, Einspritzventil 2 für Zylinder 2, Einspritzventil 2 für	1389
Zylinder 3, Einspritzventil 2 für Zylinder 4
18. Lambdasonde, Lambdasonde nach Katalysator, Ventil für Kraftstoffdosierung	1390
19. Kupplungspositionsgeber, Motorsteuergerät, Kupplungspositionsgeber	1391
20. Bremslichtschalter, Steuergerät für Lenksäulenelektronik	1392
21. Diagnose-Interface für Datenbus	1393
22. Steuergerät im Schalttafeleinsatz, Diagnose-Interface für Datenbus	1394
23. Kraftstoffförderanzeige, Steuergerät im Schalttafeleinsatz, Steuergerät für Kraftstoffpumpe	1395
24. Geber für Kühlmitteltemperaturanzeige, Bordnetzsteuergerät	1396
154 - 2,0-l-Dieselmotor mit Start-Stopp-System , CNHA,CNHC,CSUA,CSUB	1397-1424
1. 2,0-l-Dieselmotor mit Start-Stopp-System , CNHA,CNHC,CSUA,CSUB	1397
2. Batterie, Relais für Spannungsversorgung der Kl. 15	1398
3. Zünder für Batterieunterbrechung, Leitungsverteiler 2 für Kl. 30	1399
4. Anlasser, Drehstromgenerator, Spannungsregler, Leitungsverteiler 2 für Kl. 30,	1400
Fremdstartsteckdose
5. Relais für Spannungsversorgung der Kl. 30, Motorsteuergerät	1401
6. Relais für Anlasser, Motorsteuergerät, Relais 2 für Anlasser	1402
7. Steuergerät für Glühzeitautomatik	1403
8. Öldruck- und Öltemperaturgeber, Motorsteuergerät, Absperrventil für Kühlmittel der Climatronic,	1404
Pumpe für Kühler der Abgasrückführung
9. Motorsteuergerät, Ventil für Abgasrückführung, Hilfsheizung, Motorsteuergerät für	1405
Kurbelgehäuseentlüftung, Ventil für Bypassklappe des Luftfilters
10. Relais für kleine Heizleistung, Relais für große Heizleistung, Motorsteuergerät, Heizelement für	1406
Luftzusatzheizung
11. Gaspedalstellungsgeber, Geber 2 für Gaspedalstellung, Motorsteuergerät	1407
12. Motordrehzahlgeber, Hallgeber, Bremslichtschalter, Motorsteuergerät	1408
13. Drosselklappensteuereinheit, Kraftstofftemperaturgeber, Potenziometer für Abgasrückführung,	1409
Positionsgeber für Ladedrucksteller, Motorsteuergerät
14. Ladedruckgeber, Drucksensor 1 für Abgas, Ladeluftdrucktemperaturgeber nach Ladeluftkühler,	1410
Motorsteuergerät
15. Kühlmitteltemperaturgeber, Kraftstofftemperaturgeber, Differenzdruckgeber, Geber für	1411
Getriebe-Neutralstellung, Ansauglufttemperaturgeber vor Ladeluftkühler, Motorsteuergerät
16. Luftmassenmesser, Motorsteuergerät, Heizwiderstand für Kurbelgehäuseentlüftung, Ventil für	1412
Kraftstoffdosierung, Regelventil für Kraftstoffdruck
17. Kühlmitteltemperaturgeber am Kühlerausgang, Abgastemperaturgeber 1, Abgastemperaturgeber 3,	1413
Motorsteuergerät
18. Motorsteuergerät, Einspritzventil für Zylinder 1, Einspritzventil für Zylinder 2, Einspritzventil für	1414
Zylinder 3, Einspritzventil für Zylinder 4
19. Lambdasonde, Motorsteuergerät, Abgasklappensteuereinheit	1415
20. NOx-Geber, Steuergerät für NOx-Geber, Motorsteuergerät, Steuergerät für Reduktionsmittel	1416
21. Motorsteuergerät, Steuergerät für Reduktionsmittel-Dosiersystem, Relais für	1417
Reduktionsmittel-Dosiersystem
22. Tankgeber für Reduktionsmittel, Temperaturgeber für Reduktionsmittel, Druckgeber für	1418
Reduktionsmittel, Steuergerät für Reduktionsmittel-Dosiersystem, Heizung für Reduktionsmitteltank
(Heizkreis 1), Heizung für Reduktionsmittelleitung (Heizkreis 2)
23. Motorsteuergerät, Steuergerät für Reduktionsmittel-Dosiersystem, Transferpumpe für	1419
Reduktionsmittel, Pumpe für Reduktionsmittel
24. Kupplungspositionsgeber, Motorsteuergerät	1420
25. Bremslichtschalter, Motorsteuergerät	1421
26. Diagnose-Interface für Datenbus, Motorsteuergerät	1422
27. Steuergerät im Schalttafeleinsatz, Diagnose-Interface für Datenbus	1423
28. Kraftstoffförderanzeige, Steuergerät für Kraftstoffpumpe für Vorförderung, Steuergerät im Schalttafeleinsatz	1424
155 - 3,0-l-Dieselmotor , CDUC,CKVB,CKVC,CLAB	1425-1453
1. 3,0-l-Dieselmotor , CDUC,CKVB,CKVC,CLAB	1425
2. Batterie, Relais für Spannungsversorgung der Kl. 15	1426
3. Zünder für Batterieunterbrechung, Leitungsverteiler 2 für Kl. 30	1427
4. Anlasser, Drehstromgenerator, Spannungsregler, Leitungsverteiler 2 für Kl. 30,	1428
Fremdstartsteckdose
5. Relais für Spannungsversorgung der Kl. 30, Motorsteuergerät	1429
6. Relais für Anlasser, Motorsteuergerät, Relais 2 für Anlasser	1430
7. Brennraumdruckgeber für Zylinder 2, Steuergerät für Glühzeitautomatik, Motorsteuergerät	1431
8. Brennraumdruckgeber für Zylinder 5, Steuergerät für Glühzeitautomatik, Motorsteuergerät	1432
9. Motorsteuergerät, Magnetventil links für elektrohydraulische Motorlagerung	1433
10. Motorsteuergerät, Magnetventil links für elektrohydraulische Motorlagerung, Magnetventil rechts für	1434
elektrohydraulische Motorlagerung
11. Relais für kleine Heizleistung, Motorsteuergerät, Heizelement für Luftzusatzheizung	1435
12. Gaspedalstellungsgeber, Geber 2 für Gaspedalstellung, Motorsteuergerät	1436
13. Druckschalter für Bremskraftverstärkung, Hallgeber, Motorsteuergerät	1437
14. Motordrehzahlgeber, Hallgeber, Motorsteuergerät, Potenziometer für Abgasturbolader 1	1438
15. Ladedruckgeber, Ansauglufttemperaturgeber, Luftmassenmesser, Motorsteuergerät	1439
16. Drosselklappensteuereinheit, Motorsteuergerät	1440
17. Steuergerät für NOx-Geber, Motorsteuergerät	1441
18. Steuergerät im Schalttafeleinsatz, Kühlmitteltemperaturgeber, Kraftstofftemperaturgeber,	1442
Motorsteuergerät
19. Tankgeber für Reduktionsmittel, Steuergerät für Reduktionsmittel-Dosiersystem, Relais für	1443
Reduktionsmittel-Dosiersystem
20. Tankgeber für Reduktionsmittel, Temperaturgeber für Reduktionsmittel, Druckgeber für	1444
Reduktionsmittel, Steuergerät für Reduktionsmittel-Dosiersystem, Heizung für
Reduktionsmitteltank (Heizkreis 1), Heizung für Reduktio nsmittelleitung (Heizkreis 2)
21. Motorsteuergerät, Steuergerät für Reduktionsmittel-Dosiersystem, Transferpumpe für	1445
Reduktionsmittel, Pumpe für Reduktionsmittel
22. Motorsteuergerät, Kühlmitteltemperaturgeber, Kühlmitteltemperaturgeber am Kühlerausgang,	1446
Motorsteuergerät
23. Lambdasonde, Motorsteuergerät, Heizung für Lambdasonde	1447
24. Motorsteuergerät, Einspritzventil für Zylinder 1, Einspritzventil für Zylinder 6	1448
25. Kupplungspositionsgeber, Motorsteuergerät	1449
26. Bremslichtschalter, Motorsteuergerät	1450
27. Steuergerät im Schalttafeleinsatz, Diagnose-Interface für Datenbus	1451
28. Geber für Kühlmitteltemperaturanzeige, Motorsteuergerät	1452
29. Geber für Kühlmitteltemperaturanzeige, Motorsteuergerät	1453
156 - Fahrer- und Beifahrersitzheizung	1454-1460
1. Fahrer- und Beifahrersitzheizung	1454
2. Thermoreiniger 1 für Fahrersitzverstellung	1455
3. Motor für Längsverstellung der Lendenwirbelstütze des Fahrersitzes, Motor für Höhenverstellung	1456
der Lendenwirbelstütze des Fahrersitzes
4. Motor für Längsverstellung des Fahrersitzes, Motor für Lehnenverstellung des Fahrersitzes, Motor	1457
für Höhenverstellung vorn des Fahrersitzes
5. Thermoreiniger 1 für Beifahrersitzverstellung	1458
6. Motor für Neigungsverstellung des Fahrersitzes, Motor für Längsverstellung	1459
der Lendenwirbelstütze des Beifahrersitzes, Motor für Höhenverstellung
7. Motor für Längsverstellung der Lendenwirbelstütze des Beifahrersitzes, Motor für Lehnenverstellung des Beifahrersitzes, 1460
Motor für Längsverstellung des Beifahrersitzes, Motor für Höhenverstellung des Beifahrersitzes
157 - 3,0-l-Benzinmotor , CREC,CRED,CTDA	1461-1486
1. 3,0-l-Benzinmotor , CREC,CRED,CTDA	1461
2. Batterie, Relais für Spannungsversorgung der Kl. 15	1462
3. Zünder für Batterieunterbrechung, Leitungsverteiler 2 für Kl. 30	1463
4. Anlasser, Drehstromgenerator, Spannungsregler, Leitungsverteiler 2 für Kl. 30,	1464
Fremdstartsteckdose
5. Hauptrelais, Stromversorgungsrelais für Motorkomponenten	1465
6. Relais für Anlasser, Relais 2 für Anlasser	1466
7. Ventil 1 für Nockenwellenverstellung, Ventil für Saugrohrklappe, Ventil für	1467
Saugrohrklappe, Magnetventil rechts für elektrohydraulische Motorlagerung, Ventil 2 für
Saugrohrklappe
8. Drucksensor für Bremskraftverstärkung, Sensor für Gangerkennung, Magnetventil links für	1468
elektrohydraulische Motorlagerung, Magnetventil rechts für elektrohydraulische Motorlagerung,
Magnetkupplung für Kompressor, Pumpe für Ladeluftkühlung
9. Motorsteuergerät, Ventil für Öldruckregelung, Absperrventil für Kurbelgehäuseentlüftung, Ventil für	1469
Motorkühler
10. Relais für Sekundärluftpumpe, Zündspule 1 mit Leistungsendstufe, Zündspule 2 mit Leistungsendstufe,	1470
Zündspule 3 mit Leistungsendstufe
11. Zündspule 4 mit Leistungsendstufe, Zündspule 5 mit Leistungsendstufe, Zündspule 6 mit	1471
Leistungsendstufe
12. Öldruckschalter, Öldruckschalter für reduzierten Öldruck, Klopfsensor 1, Klopfsensor 2,	1472
Gaspedalstellungsgeber, Geber 2 für Gaspedalstellung
13. Hallgeber, Hallgeber 2, Hallgeber 3, Hallgeber 4, Kraftstoffdruckgeber für	1473
Niederdruck, Kraftstoffdruckgeber, Motordrehzahlgeber, Steuergerät 1 für Abgasklappensteuereinheit,
Drosselklappensteuereinheit
14. Hallgeber, Potenziometer 3, Potenziometer für Saugrohrklappe, Potenziometer für	1474
Saugrohrklappe 2
15. Motordrehzahlgeber, Ladedruckgeber, Ladedruckgeber, Hallgeber 4,	1475
Regelklappensteuereinheit
16. Sensor für Tankdruck, Steuergerät für Kraftstoffbehälter-Leckdiagnose, Kühlmitteltemperaturgeber,	1476
Saugrohrdrucktemperaturgeber, Ladedrucktemperaturgeber, Ladedruckgeber 2, Temperaturgeber für
Kraftstoffbehälter-Leckdiagnose
17. Zylinder 2, Einspritzventil für Zylinder 1, Einspritzventil für Zylinder 3,	1477
Einspritzventil für Zylinder 4, Einspritzventil für Zylinder 5, Einspritzventil für Zylinder 6
18. Einspritzventil 2 für Zylinder 1, Einspritzventil 2 für Zylinder 2, Einspritzventil 2 für	1478
Zylinder 3, Einspritzventil 2 für Zylinder 4, Einspritzventil 2 für Zylinder 5, Einspritzventil 2 für
Zylinder 6
19. Lambdasonde, Lambdasonde 2	1479
20. Lambdasonde nach Katalysator, Lambdasonde 2 nach Katalysator	1480
21. Kupplungspositionsgeber	1481
22. Bremslichtschalter, Öldruck- und Öltemperaturgeber, Steuergerät für Lenksäulenelektronik	1482
23. Diagnose-Interface für Datenbus	1483
24. Steuergerät im Schalttafeleinsatz, Diagnose-Interface für Datenbus	1484
25. Kraftstoffförderanzeige, Steuergerät im Schalttafeleinsatz, Steuergerät für Kraftstoffpumpe	1485
26. Geber für Kühlmitteltemperaturanzeige, Bordnetzsteuergerät	1486
801 - Einbauorte: Massepunkte - 3	1487-1500
1. Massepunkte	1487-1500
1.1 Übersicht der Massepunkte - Coupé (2-Türer)	1488-1490
1.2 Übersicht der Massepunkte - Sportback (5-Türer)	1491-1500
802 - Einbauorte: Sicherungen - 3	1501-1565
1. Sicherungen	1501-1565
1.1 Sicherungshalter A -SA-	1502
1.2 Sicherungshalter B -SB-	1504
1.3 Relais -/Sicherungshalter B -SB- bis Juli 2011	1505-1511
1.3.1 Sicherungen im Sicherungsträger ST1 am Sicherungshalter B -SB- (schwarz)	1508-1511
1.4 Relais -/Sicherungshalter B -SB- ab August 2011	1512-1517
1.4.1 Sicherungen im Sicherungsträger ST1 am Sicherungshalter B -SB- (schwarz)	1515-1517
1.5 Relais -/Sicherungshalter C -SC- ab Modelljahr 2009	1518-1527
1.5.1 Sicherungen im Sicherungsträger ST1 am Sicherungshalter C -SC- (schwarz)	1521
1.5.2 Sicherungen im Sicherungsträger ST2 am Sicherungshalter C -SC- (braun)	1522
1.5.3 Sicherungen im Sicherungsträger ST3 am Sicherungshalter C -SC- (rot)	1524
1.6 Relais -/Sicherungshalter C -SC- bis Juli 2011	1522-1527
1.6.1 Sicherungen im Sicherungsträger ST1 am Sicherungshalter C -SC- (schwarz)	1525
1.6.2 Sicherungen im Sicherungsträger ST2 am Sicherungshalter C -SC- (braun)	1526
1.6.3 Sicherungen im Sicherungsträger ST3 am Sicherungshalter C -SC- (rot)	1527
1.7 Sicherungshalter C -SC- ab August 2011	1528-1532
